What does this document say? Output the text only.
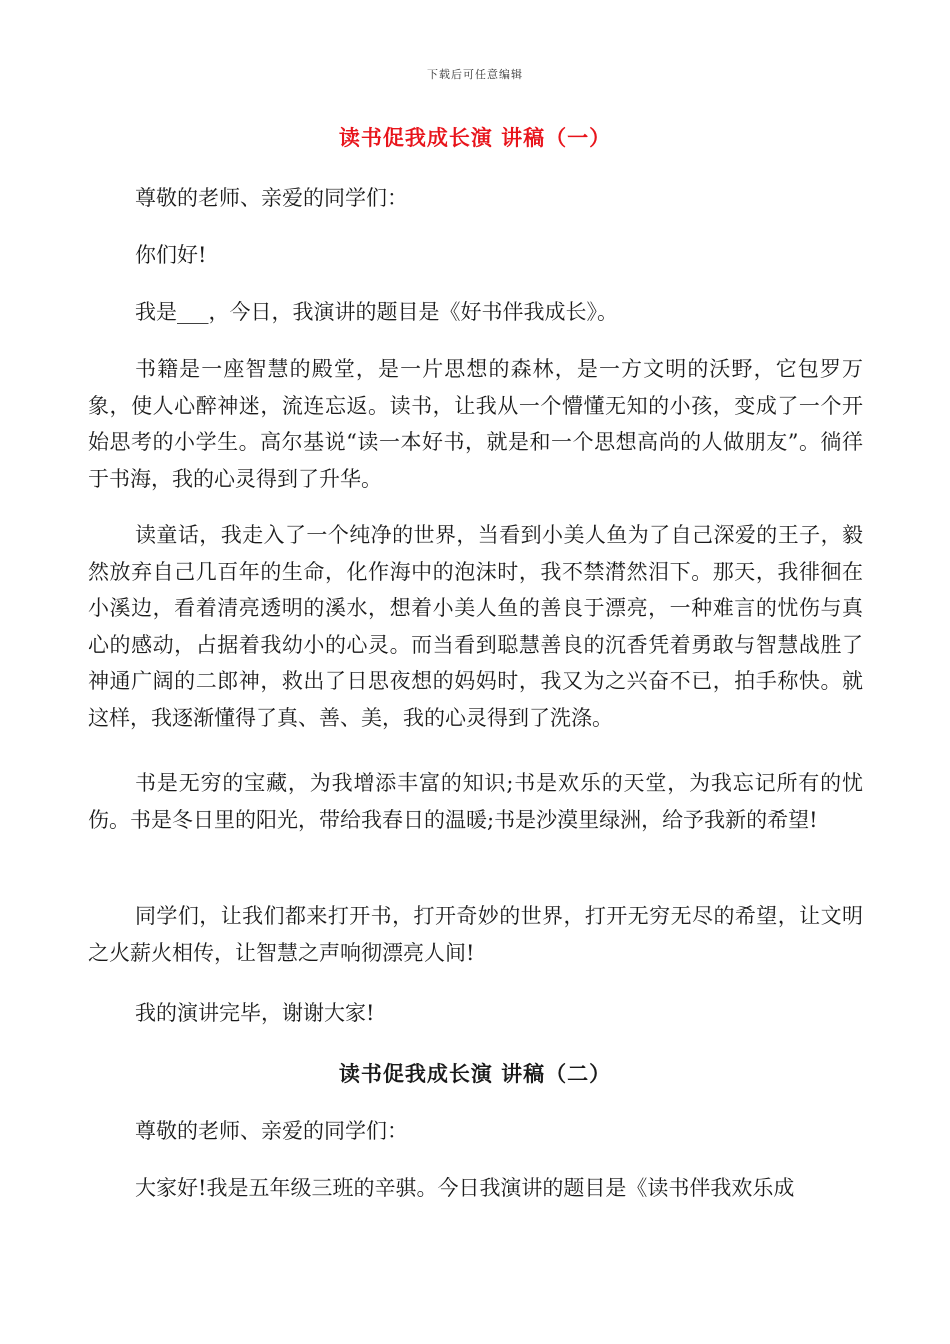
下载后可任意编辑
读书促我成长演 讲稿（一）

尊敬的老师、亲爱的同学们：

你们好!

我是___，今日，我演讲的题目是《好书伴我成长》。

书籍是一座智慧的殿堂，是一片思想的森林，是一方文明的沃野，它包罗万象，使人心醉神迷，流连忘返。读书，让我从一个懵懂无知的小孩，变成了一个开始思考的小学生。高尔基说“读一本好书，就是和一个思想高尚的人做朋友”。徜徉于书海，我的心灵得到了升华。

读童话，我走入了一个纯净的世界，当看到小美人鱼为了自己深爱的王子，毅然放弃自己几百年的生命，化作海中的泡沫时，我不禁潸然泪下。那天，我徘徊在小溪边，看着清亮透明的溪水，想着小美人鱼的善良于漂亮，一种难言的忧伤与真心的感动，占据着我幼小的心灵。而当看到聪慧善良的沉香凭着勇敢与智慧战胜了神通广阔的二郎神，救出了日思夜想的妈妈时，我又为之兴奋不已，拍手称快。就这样，我逐渐懂得了真、善、美，我的心灵得到了洗涤。

书是无穷的宝藏，为我增添丰富的知识;书是欢乐的天堂，为我忘记所有的忧伤。书是冬日里的阳光，带给我春日的温暖;书是沙漠里绿洲，给予我新的希望!

同学们，让我们都来打开书，打开奇妙的世界，打开无穷无尽的希望，让文明之火薪火相传，让智慧之声响彻漂亮人间!

我的演讲完毕，谢谢大家!

读书促我成长演 讲稿（二）

尊敬的老师、亲爱的同学们：

大家好!我是五年级三班的辛骐。今日我演讲的题目是《读书伴我欢乐成
